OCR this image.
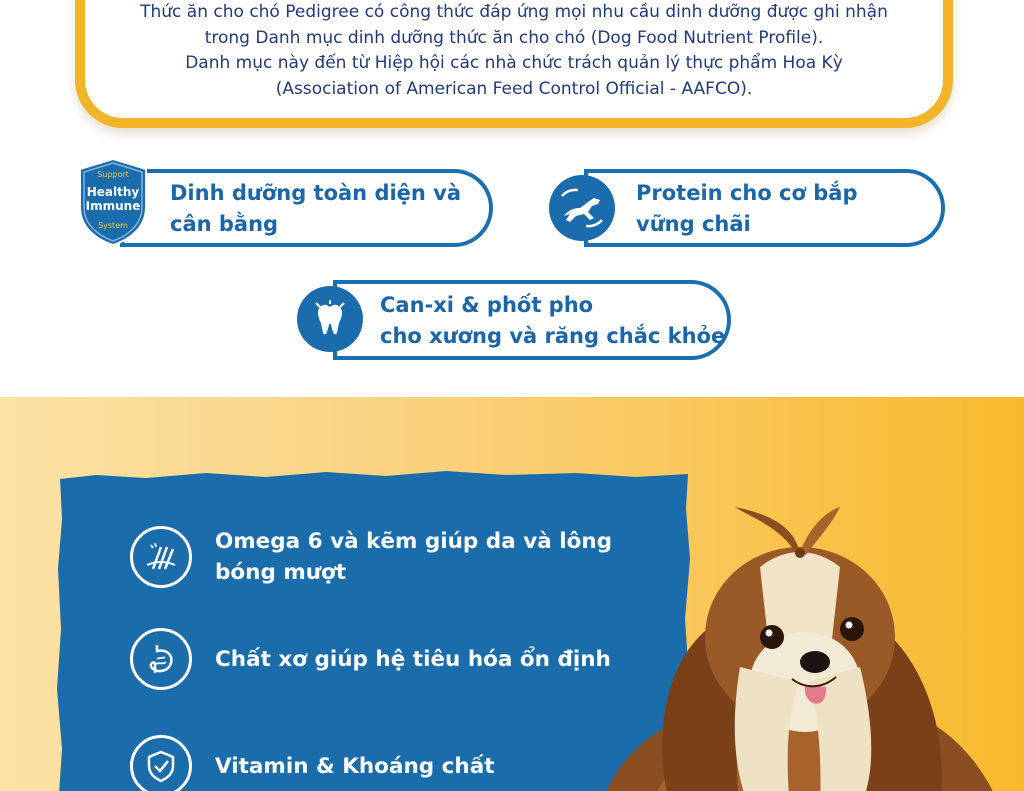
Thức ăn cho chó Pedigree có công thức đáp ứng mọi nhu cầu dinh dưỡng được ghi nhận
trong Danh mục dinh dưỡng thức ăn cho chó (Dog Food Nutrient Profile).
Danh mục này đến từ Hiệp hội các nhà chức trách quản lý thực phẩm Hoa Kỳ
(Association of American Feed Control Official - AAFCO).

Dinh dưỡng toàn diện và
cân bằng
Support
Healthy
Immune
System
Protein cho cơ bắp
vững chãi
Can-xi & phốt pho
cho xương và răng chắc khỏe
Omega 6 và kẽm giúp da và lông
bóng mượt
Chất xơ giúp hệ tiêu hóa ổn định
Vitamin & Khoáng chất
